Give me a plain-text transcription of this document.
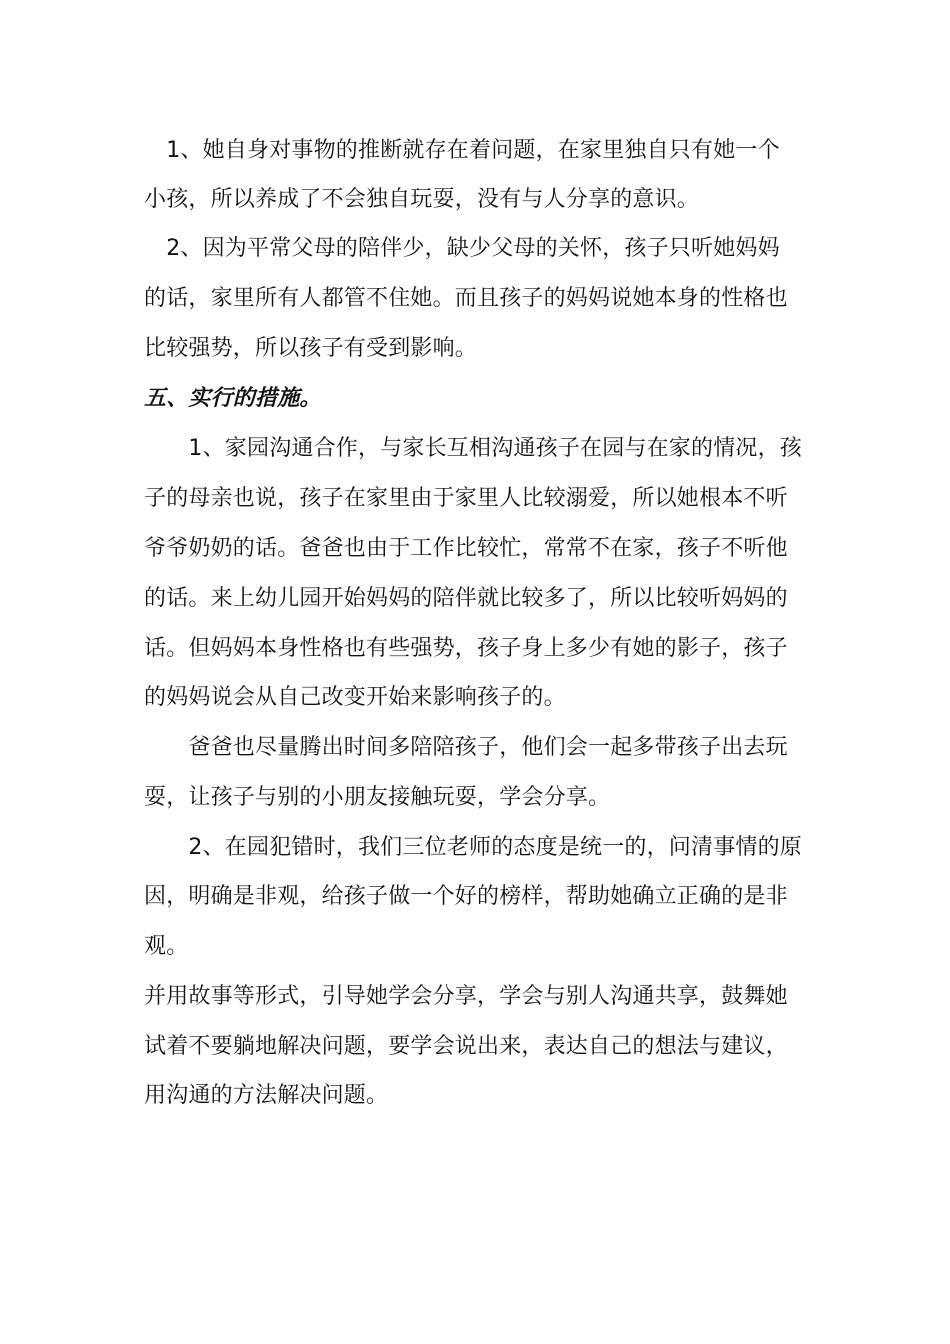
　1、她自身对事物的推断就存在着问题，在家里独自只有她一个
小孩，所以养成了不会独自玩耍，没有与人分享的意识。
　2、因为平常父母的陪伴少，缺少父母的关怀，孩子只听她妈妈
的话，家里所有人都管不住她。而且孩子的妈妈说她本身的性格也
比较强势，所以孩子有受到影响。
五、实行的措施。
　　1、家园沟通合作，与家长互相沟通孩子在园与在家的情况，孩
子的母亲也说，孩子在家里由于家里人比较溺爱，所以她根本不听
爷爷奶奶的话。爸爸也由于工作比较忙，常常不在家，孩子不听他
的话。来上幼儿园开始妈妈的陪伴就比较多了，所以比较听妈妈的
话。但妈妈本身性格也有些强势，孩子身上多少有她的影子，孩子
的妈妈说会从自己改变开始来影响孩子的。
　　爸爸也尽量腾出时间多陪陪孩子，他们会一起多带孩子出去玩
耍，让孩子与别的小朋友接触玩耍，学会分享。
　　2、在园犯错时，我们三位老师的态度是统一的，问清事情的原
因，明确是非观，给孩子做一个好的榜样，帮助她确立正确的是非
观。
并用故事等形式，引导她学会分享，学会与别人沟通共享，鼓舞她
试着不要躺地解决问题，要学会说出来，表达自己的想法与建议，
用沟通的方法解决问题。
